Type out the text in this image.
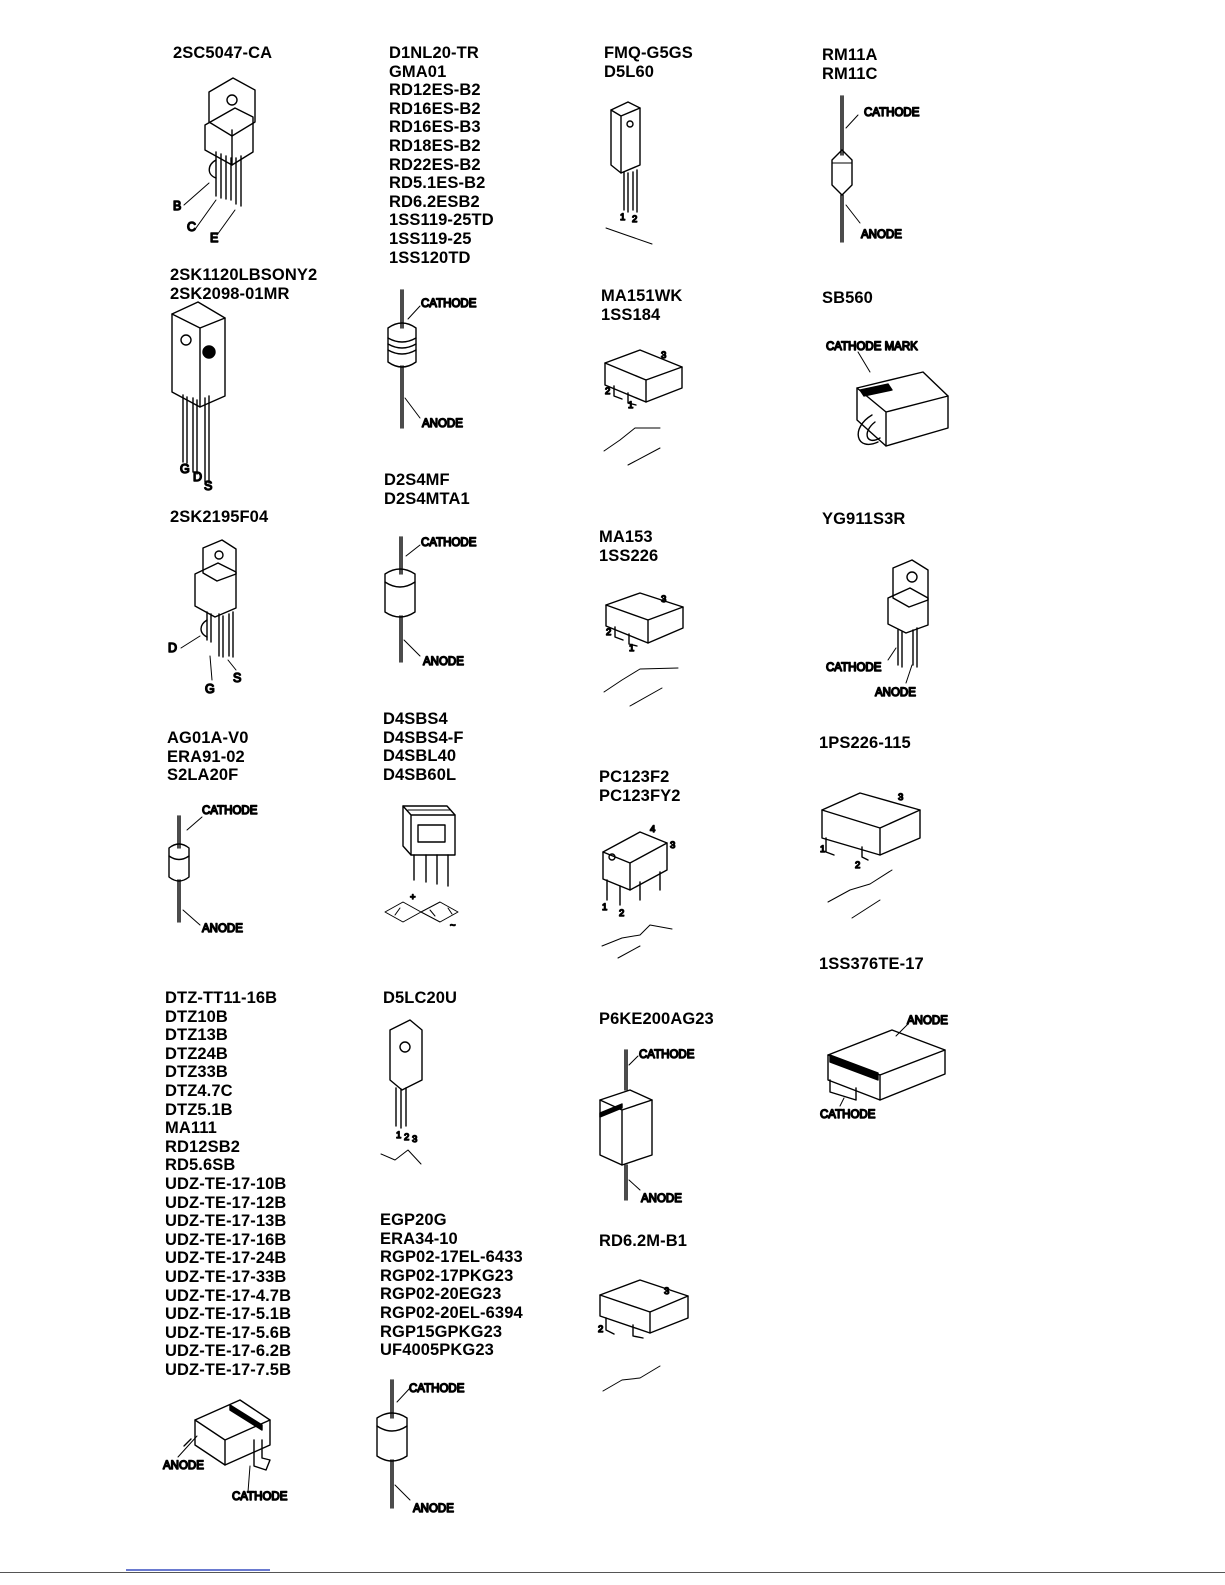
2SC5047-CA
2SK1120LBSONY2
2SK2098-01MR
2SK2195F04
AG01A-V0
ERA91-02
S2LA20F
DTZ-TT11-16B
DTZ10B
DTZ13B
DTZ24B
DTZ33B
DTZ4.7C
DTZ5.1B
MA111
RD12SB2
RD5.6SB
UDZ-TE-17-10B
UDZ-TE-17-12B
UDZ-TE-17-13B
UDZ-TE-17-16B
UDZ-TE-17-24B
UDZ-TE-17-33B
UDZ-TE-17-4.7B
UDZ-TE-17-5.1B
UDZ-TE-17-5.6B
UDZ-TE-17-6.2B
UDZ-TE-17-7.5B
D1NL20-TR
GMA01
RD12ES-B2
RD16ES-B2
RD16ES-B3
RD18ES-B2
RD22ES-B2
RD5.1ES-B2
RD6.2ESB2
1SS119-25TD
1SS119-25
1SS120TD
D2S4MF
D2S4MTA1
D4SBS4
D4SBS4-F
D4SBL40
D4SB60L
D5LC20U
EGP20G
ERA34-10
RGP02-17EL-6433
RGP02-17PKG23
RGP02-20EG23
RGP02-20EL-6394
RGP15GPKG23
UF4005PKG23
FMQ-G5GS
D5L60
MA151WK
1SS184
MA153
1SS226
PC123F2
PC123FY2
P6KE200AG23
RD6.2M-B1
RM11A
RM11C
SB560
YG911S3R
1PS226-115
1SS376TE-17
B
C
E
G
D
S
D
G
S
CATHODE
ANODE
ANODE
CATHODE
CATHODE
ANODE
CATHODE
ANODE
+
~
1 2 3
CATHODE
ANODE
1 2
3
2
1
3
2
1
4
3
1
2
CATHODE
ANODE
3
2
CATHODE
ANODE
CATHODE MARK
CATHODE
ANODE
3
1
2
ANODE
CATHODE
